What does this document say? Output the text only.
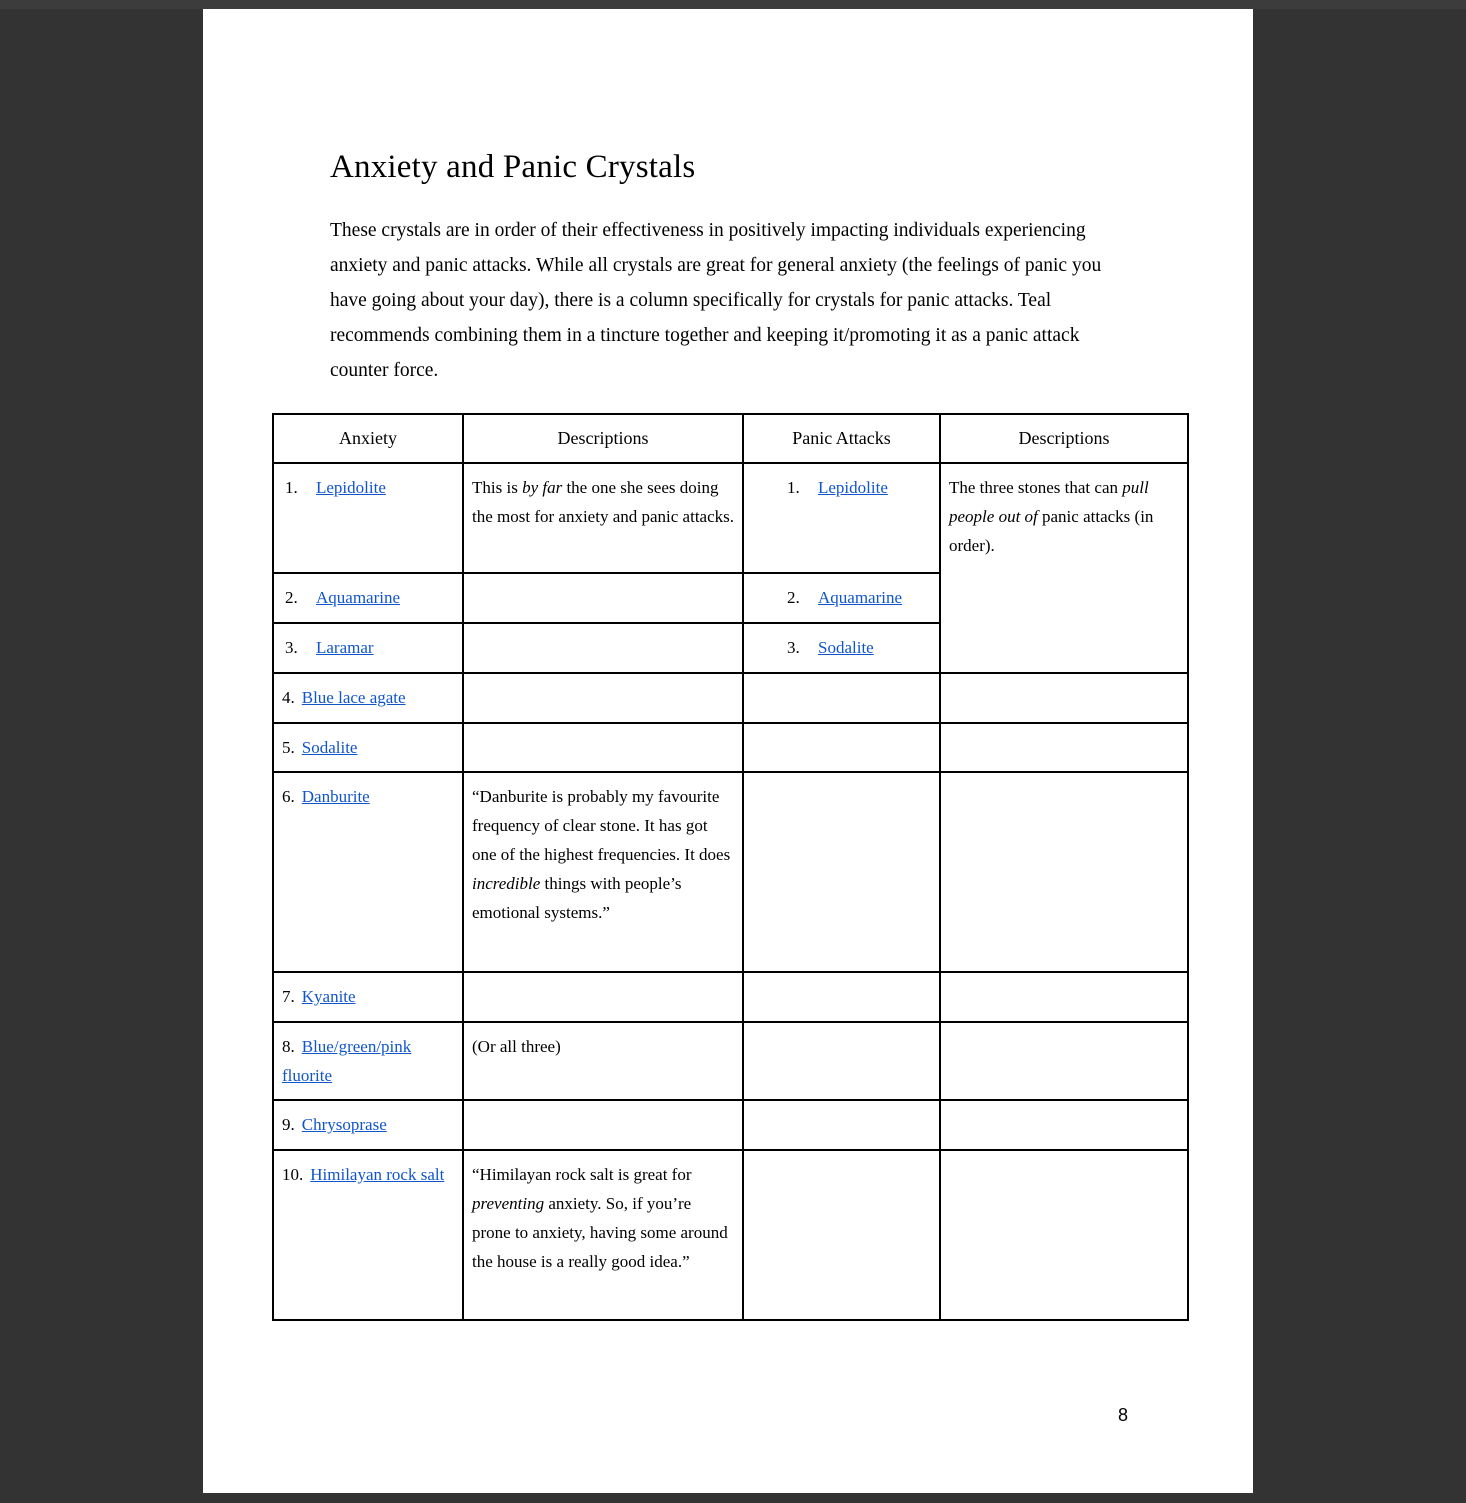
Anxiety and Panic Crystals

These crystals are in order of their effectiveness in positively impacting individuals experiencing anxiety and panic attacks. While all crystals are great for general anxiety (the feelings of panic you have going about your day), there is a column specifically for crystals for panic attacks. Teal recommends combining them in a tincture together and keeping it/promoting it as a panic attack counter force.

Anxiety	Descriptions	Panic Attacks	Descriptions
1. Lepidolite	This is by far the one she sees doing the most for anxiety and panic attacks.	1. Lepidolite	The three stones that can pull people out of panic attacks (in order).
2. Aquamarine		2. Aquamarine	
3. Laramar		3. Sodalite	
4. Blue lace agate			
5. Sodalite			
6. Danburite	“Danburite is probably my favourite frequency of clear stone. It has got one of the highest frequencies. It does incredible things with people’s emotional systems.”		
7. Kyanite			
8. Blue/green/pink fluorite	(Or all three)		
9. Chrysoprase			
10. Himilayan rock salt	“Himilayan rock salt is great for preventing anxiety. So, if you’re prone to anxiety, having some around the house is a really good idea.”		
8
